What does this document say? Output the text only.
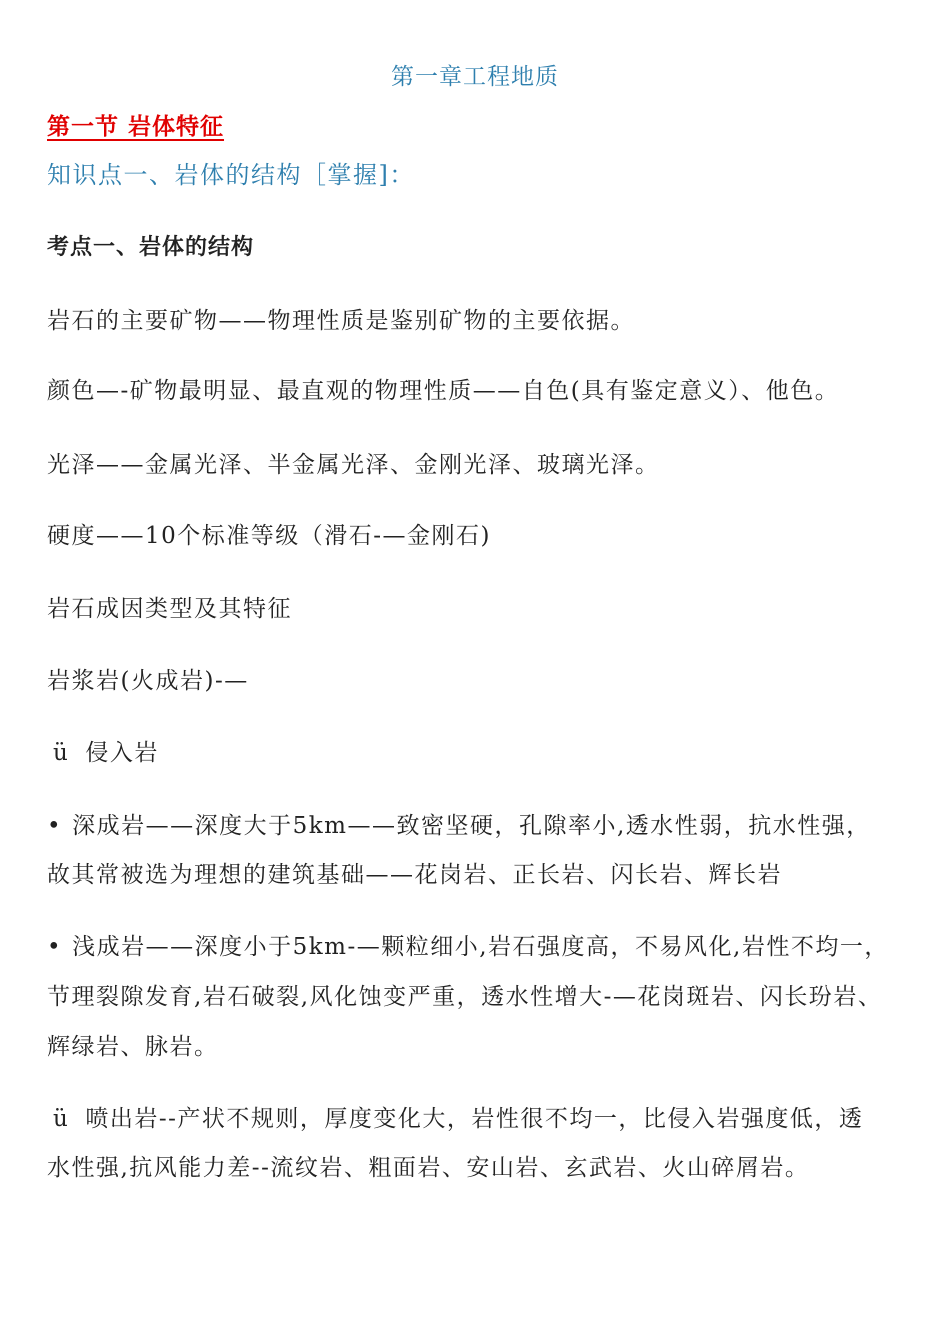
第一章工程地质
第一节 岩体特征
知识点一、岩体的结构［掌握]：
考点一、岩体的结构
岩石的主要矿物——物理性质是鉴别矿物的主要依据。
颜色—-矿物最明显、最直观的物理性质——自色(具有鉴定意义）、他色。
光泽——金属光泽、半金属光泽、金刚光泽、玻璃光泽。
硬度——10个标准等级（滑石-—金刚石)
岩石成因类型及其特征
岩浆岩(火成岩)-—
ü 侵入岩
• 深成岩——深度大于5km——致密坚硬，孔隙率小,透水性弱，抗水性强，
故其常被选为理想的建筑基础——花岗岩、正长岩、闪长岩、辉长岩
• 浅成岩——深度小于5km-—颗粒细小,岩石强度高，不易风化,岩性不均一，
节理裂隙发育,岩石破裂,风化蚀变严重，透水性增大-—花岗斑岩、闪长玢岩、
辉绿岩、脉岩。
ü 喷出岩--产状不规则，厚度变化大，岩性很不均一，比侵入岩强度低，透
水性强,抗风能力差--流纹岩、粗面岩、安山岩、玄武岩、火山碎屑岩。
